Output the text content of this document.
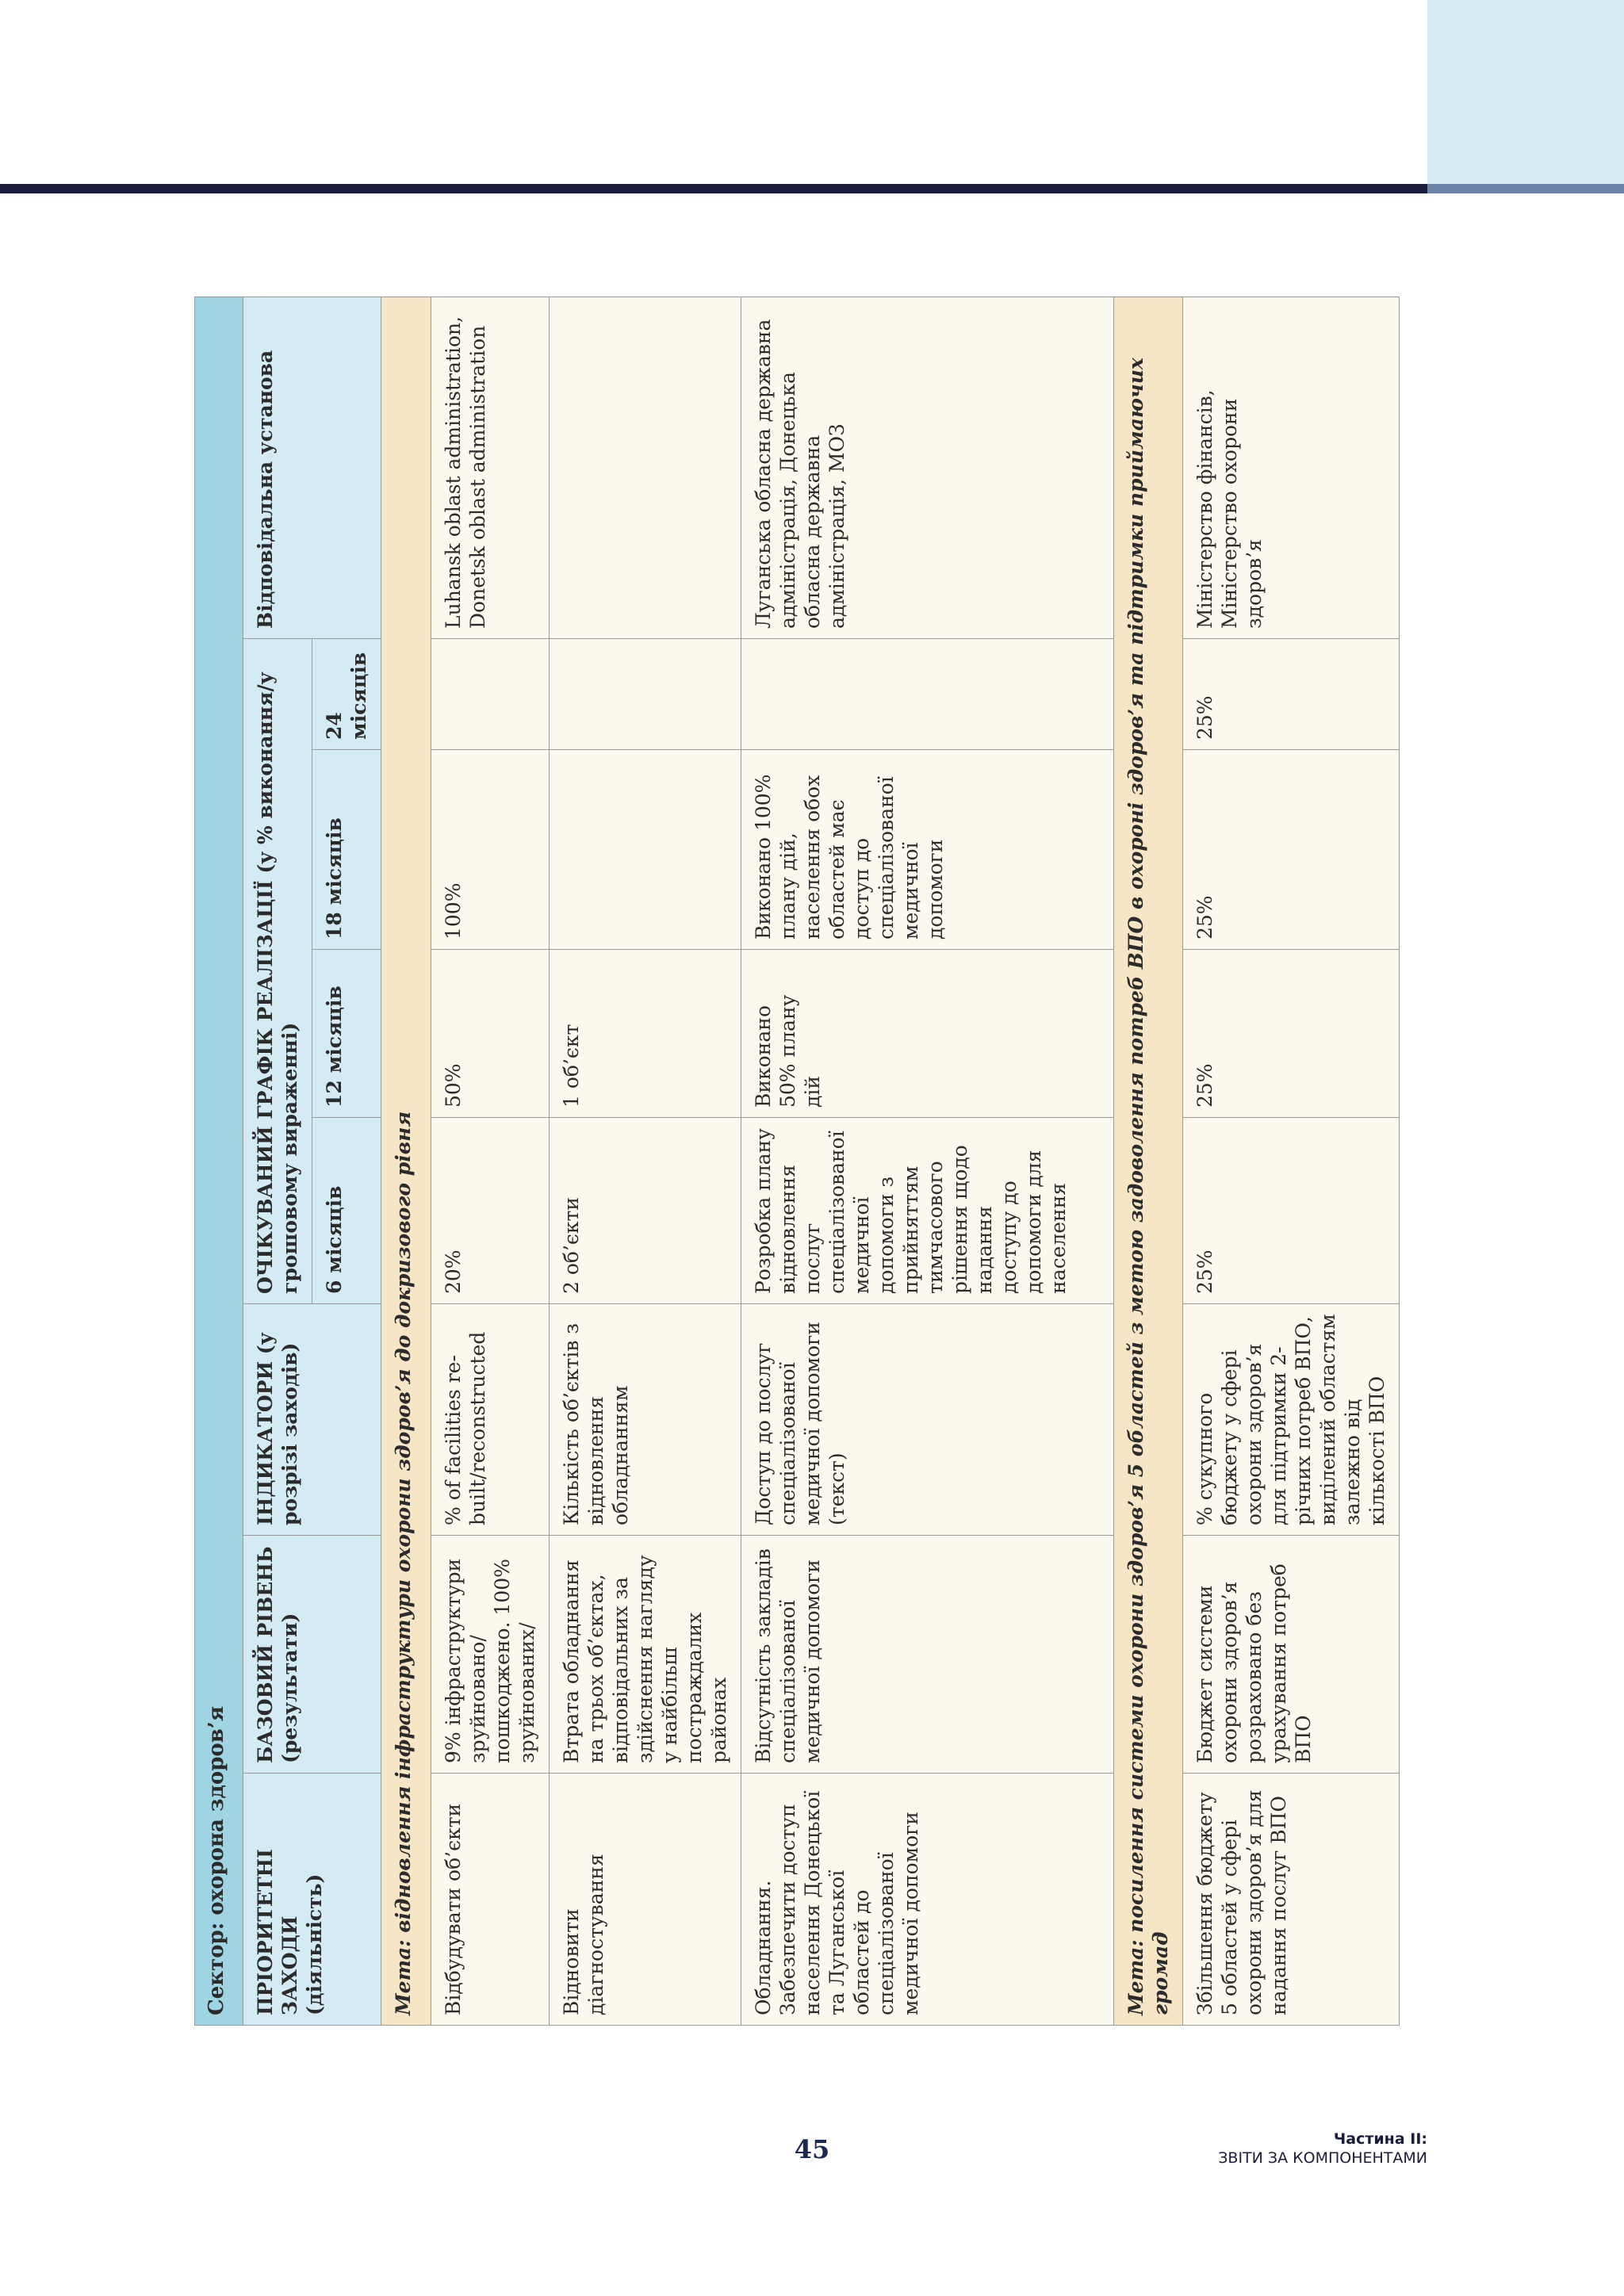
Сектор: охорона здоров’я							
ПРІОРИТЕТНІ ЗАХОДИ (діяльність)	БАЗОВИЙ РІВЕНЬ (результати)	ІНДИКАТОРИ (у розрізі заходів)	ОЧІКУВАНИЙ ГРАФІК РЕАЛІЗАЦІЇ (у % виконання/у грошовому вираженні)				Відповідальна установа
			6 місяців	12 місяців	18 місяців	24 місяців	
Мета: відновлення інфраструктури охорони здоров’я до докризового рівня							
Відбудувати об’єкти	9% інфраструктури зруйновано/ пошкоджено. 100% зруйнованих/	% of facilities re-built/reconstructed	20%	50%	100%		Luhansk oblast administration, Donetsk oblast administration
Відновити діагностування	Втрата обладнання на трьох об’єктах, відповідальних за здійснення нагляду у найбільш постраждалих районах	Кількість об’єктів з відновлення обладнанням	2 об’єкти	1 об’єкт			
Обладнання. Забезпечити доступ населення Донецької та Луганської областей до спеціалізованої медичної допомоги	Відсутність закладів спеціалізованої медичної допомоги	Доступ до послуг спеціалізованої медичної допомоги (текст)	Розробка плану відновлення послуг спеціалізованої медичної допомоги з прийняттям тимчасового рішення щодо надання доступу до допомоги для населення	Виконано 50% плану дій	Виконано 100% плану дій, населення обох областей має доступ до спеціалізованої медичної допомоги		Луганська обласна державна адміністрація, Донецька обласна державна адміністрація, МОЗ
Мета: посилення системи охорони здоров’я 5 областей з метою задоволення потреб ВПО в охороні здоров’я та підтримки приймаючих громад							
Збільшення бюджету 5 областей у сфері охорони здоров’я для надання послуг ВПО	Бюджет системи охорони здоров’я розраховано без урахування потреб ВПО	% сукупного бюджету у сфері охорони здоров’я для підтримки 2-річних потреб ВПО, виділений областям залежно від кількості ВПО	25%	25%	25%	25%	Міністерство фінансів, Міністерство охорони здоров’я
45	Частина ІІ:
ЗВІТИ ЗА КОМПОНЕНТАМИ
